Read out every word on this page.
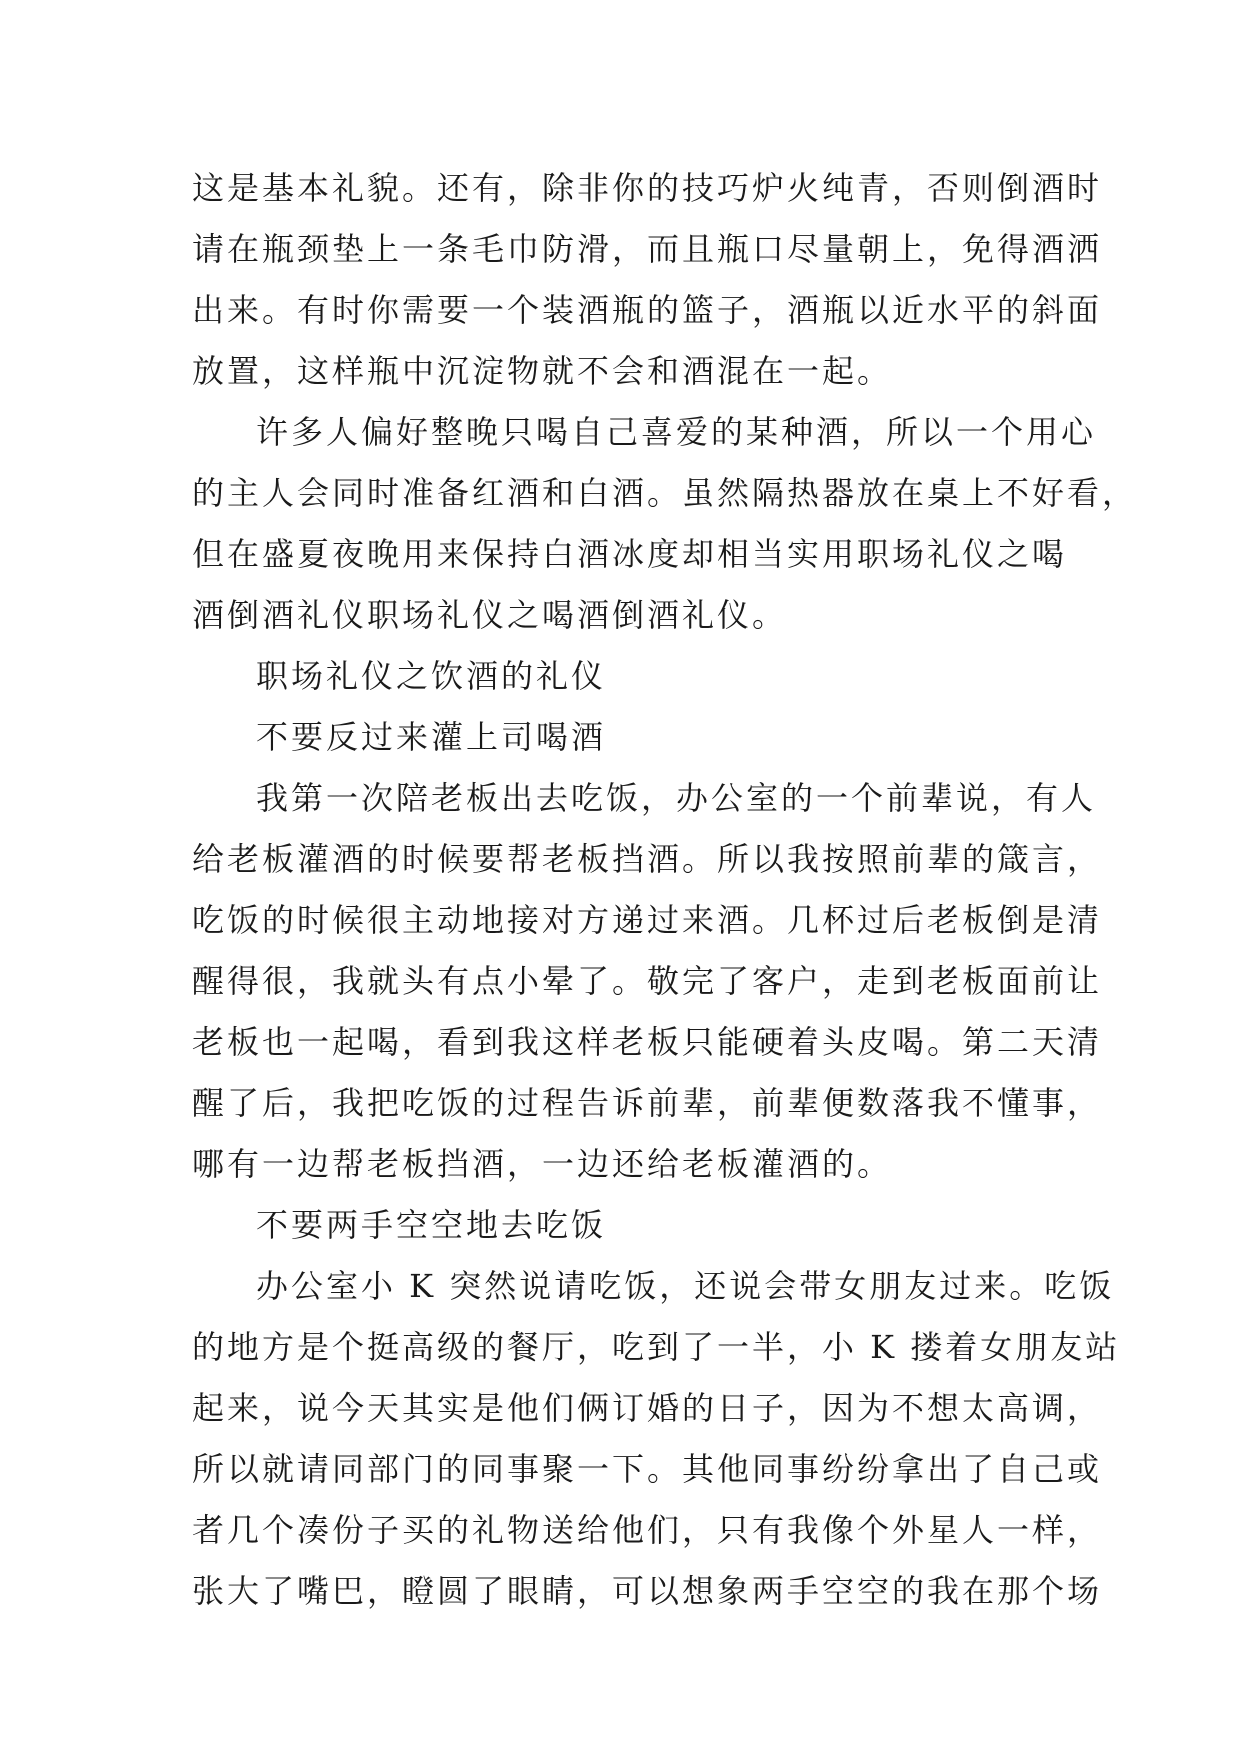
这是基本礼貌。还有，除非你的技巧炉火纯青，否则倒酒时
请在瓶颈垫上一条毛巾防滑，而且瓶口尽量朝上，免得酒洒
出来。有时你需要一个装酒瓶的篮子，酒瓶以近水平的斜面
放置，这样瓶中沉淀物就不会和酒混在一起。
许多人偏好整晚只喝自己喜爱的某种酒，所以一个用心
的主人会同时准备红酒和白酒。虽然隔热器放在桌上不好看，
但在盛夏夜晚用来保持白酒冰度却相当实用职场礼仪之喝
酒倒酒礼仪职场礼仪之喝酒倒酒礼仪。
职场礼仪之饮酒的礼仪
不要反过来灌上司喝酒
我第一次陪老板出去吃饭，办公室的一个前辈说，有人
给老板灌酒的时候要帮老板挡酒。所以我按照前辈的箴言，
吃饭的时候很主动地接对方递过来酒。几杯过后老板倒是清
醒得很，我就头有点小晕了。敬完了客户，走到老板面前让
老板也一起喝，看到我这样老板只能硬着头皮喝。第二天清
醒了后，我把吃饭的过程告诉前辈，前辈便数落我不懂事，
哪有一边帮老板挡酒，一边还给老板灌酒的。
不要两手空空地去吃饭
办公室小 K 突然说请吃饭，还说会带女朋友过来。吃饭
的地方是个挺高级的餐厅，吃到了一半，小 K 搂着女朋友站
起来，说今天其实是他们俩订婚的日子，因为不想太高调，
所以就请同部门的同事聚一下。其他同事纷纷拿出了自己或
者几个凑份子买的礼物送给他们，只有我像个外星人一样，
张大了嘴巴，瞪圆了眼睛，可以想象两手空空的我在那个场
